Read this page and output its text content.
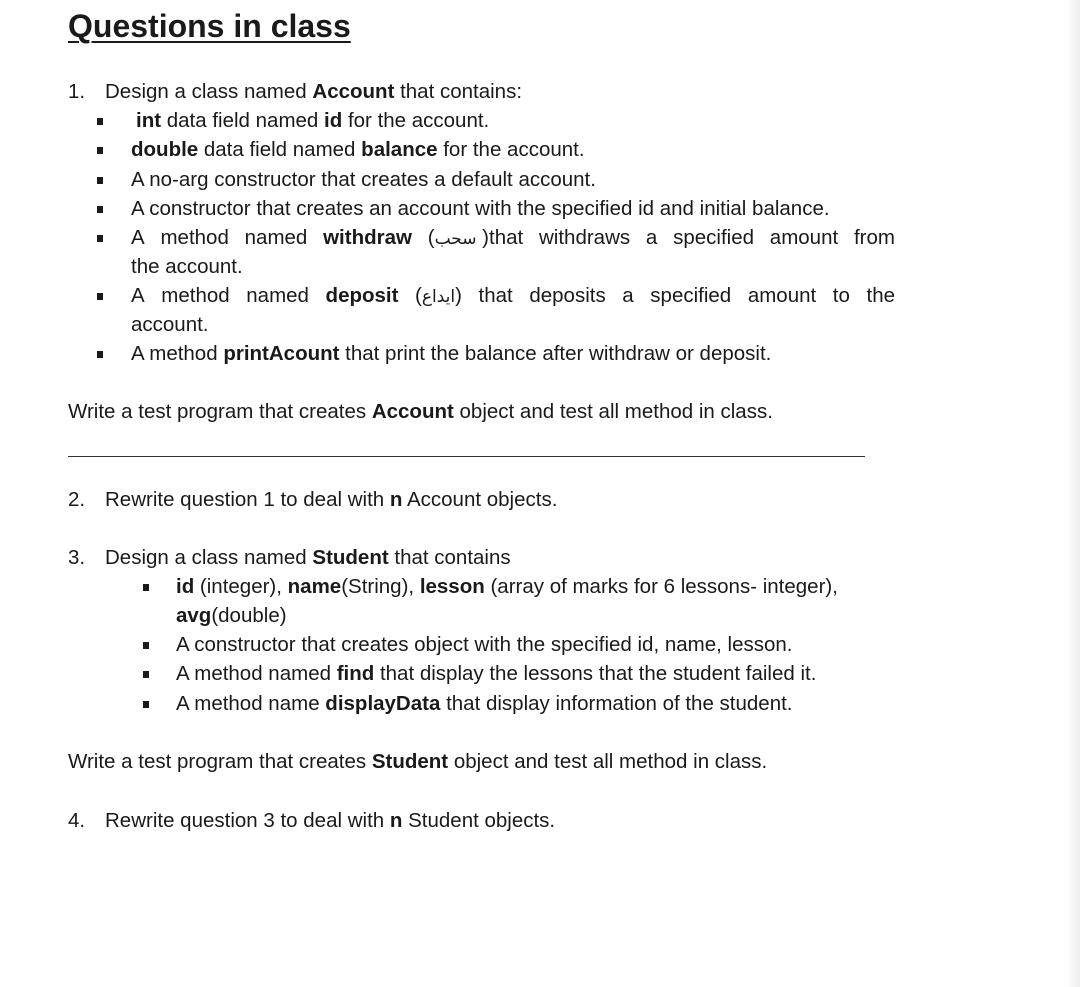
Questions in class
1. Design a class named Account that contains:
int data field named id for the account.
double data field named balance for the account.
A no-arg constructor that creates a default account.
A constructor that creates an account with the specified id and initial balance.
A method named withdraw (سحب )that withdraws a specified amount from
the account.
A method named deposit (ايداع) that deposits a specified amount to the
account.
A method printAcount that print the balance after withdraw or deposit.
Write a test program that creates Account object and test all method in class.
2. Rewrite question 1 to deal with n Account objects.
3. Design a class named Student that contains
id (integer), name(String), lesson (array of marks for 6 lessons- integer),
avg(double)
A constructor that creates object with the specified id, name, lesson.
A method named find that display the lessons that the student failed it.
A method name displayData that display information of the student.
Write a test program that creates Student object and test all method in class.
4. Rewrite question 3 to deal with n Student objects.
